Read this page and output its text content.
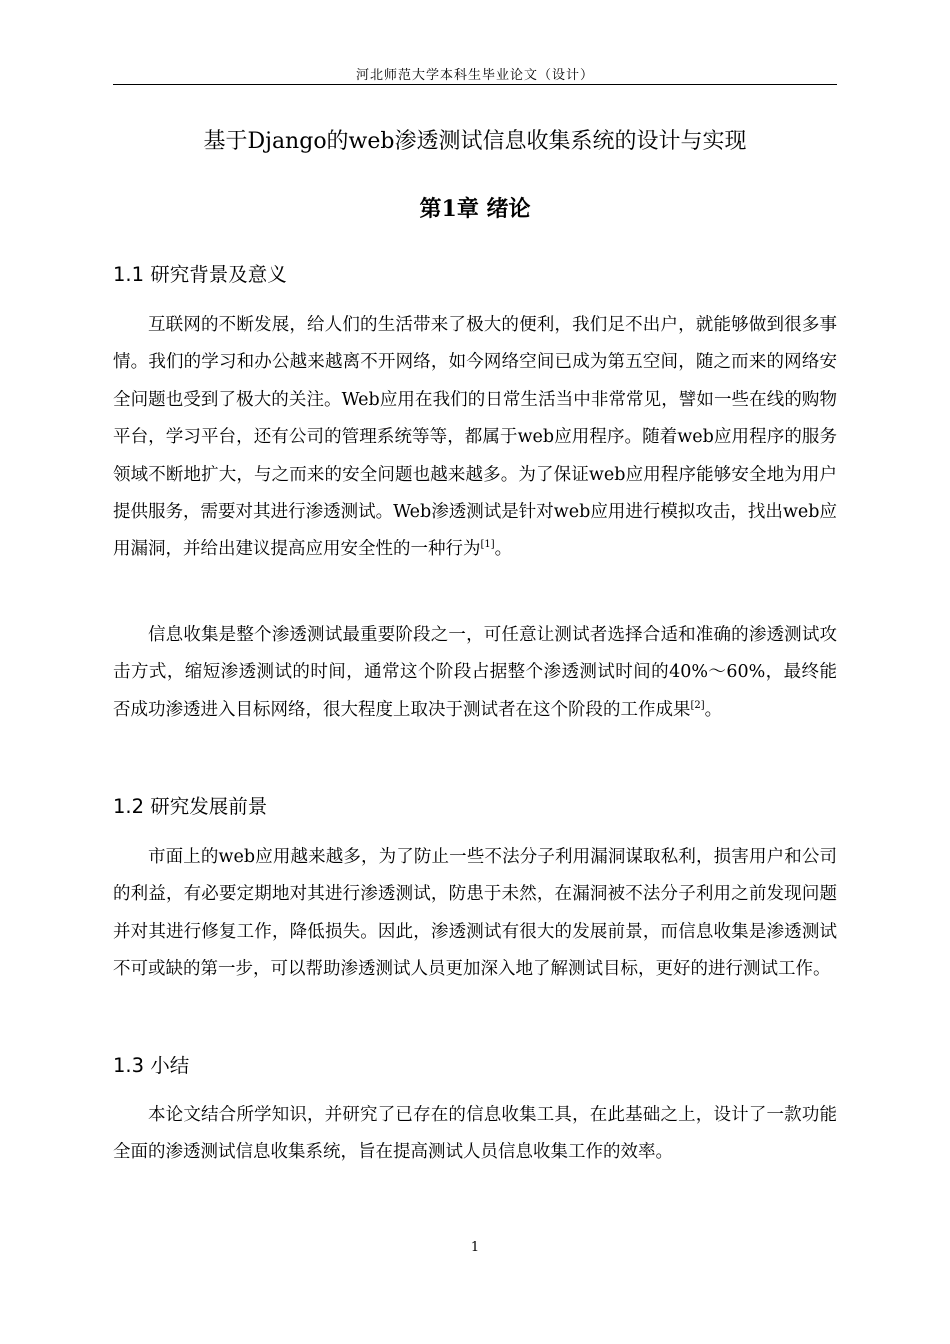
河北师范大学本科生毕业论文（设计）
基于Django的web渗透测试信息收集系统的设计与实现
第1章 绪论
1.1 研究背景及意义

互联网的不断发展，给人们的生活带来了极大的便利，我们足不出户，就能够做到很多事情。我们的学习和办公越来越离不开网络，如今网络空间已成为第五空间，随之而来的网络安全问题也受到了极大的关注。Web应用在我们的日常生活当中非常常见，譬如一些在线的购物平台，学习平台，还有公司的管理系统等等，都属于web应用程序。随着web应用程序的服务领域不断地扩大，与之而来的安全问题也越来越多。为了保证web应用程序能够安全地为用户提供服务，需要对其进行渗透测试。Web渗透测试是针对web应用进行模拟攻击，找出web应用漏洞，并给出建议提高应用安全性的一种行为[1]。

信息收集是整个渗透测试最重要阶段之一，可任意让测试者选择合适和准确的渗透测试攻击方式，缩短渗透测试的时间，通常这个阶段占据整个渗透测试时间的40%～60%，最终能否成功渗透进入目标网络，很大程度上取决于测试者在这个阶段的工作成果[2]。

1.2 研究发展前景

市面上的web应用越来越多，为了防止一些不法分子利用漏洞谋取私利，损害用户和公司的利益，有必要定期地对其进行渗透测试，防患于未然，在漏洞被不法分子利用之前发现问题并对其进行修复工作，降低损失。因此，渗透测试有很大的发展前景，而信息收集是渗透测试不可或缺的第一步，可以帮助渗透测试人员更加深入地了解测试目标，更好的进行测试工作。

1.3 小结

本论文结合所学知识，并研究了已存在的信息收集工具，在此基础之上，设计了一款功能全面的渗透测试信息收集系统，旨在提高测试人员信息收集工作的效率。

1
